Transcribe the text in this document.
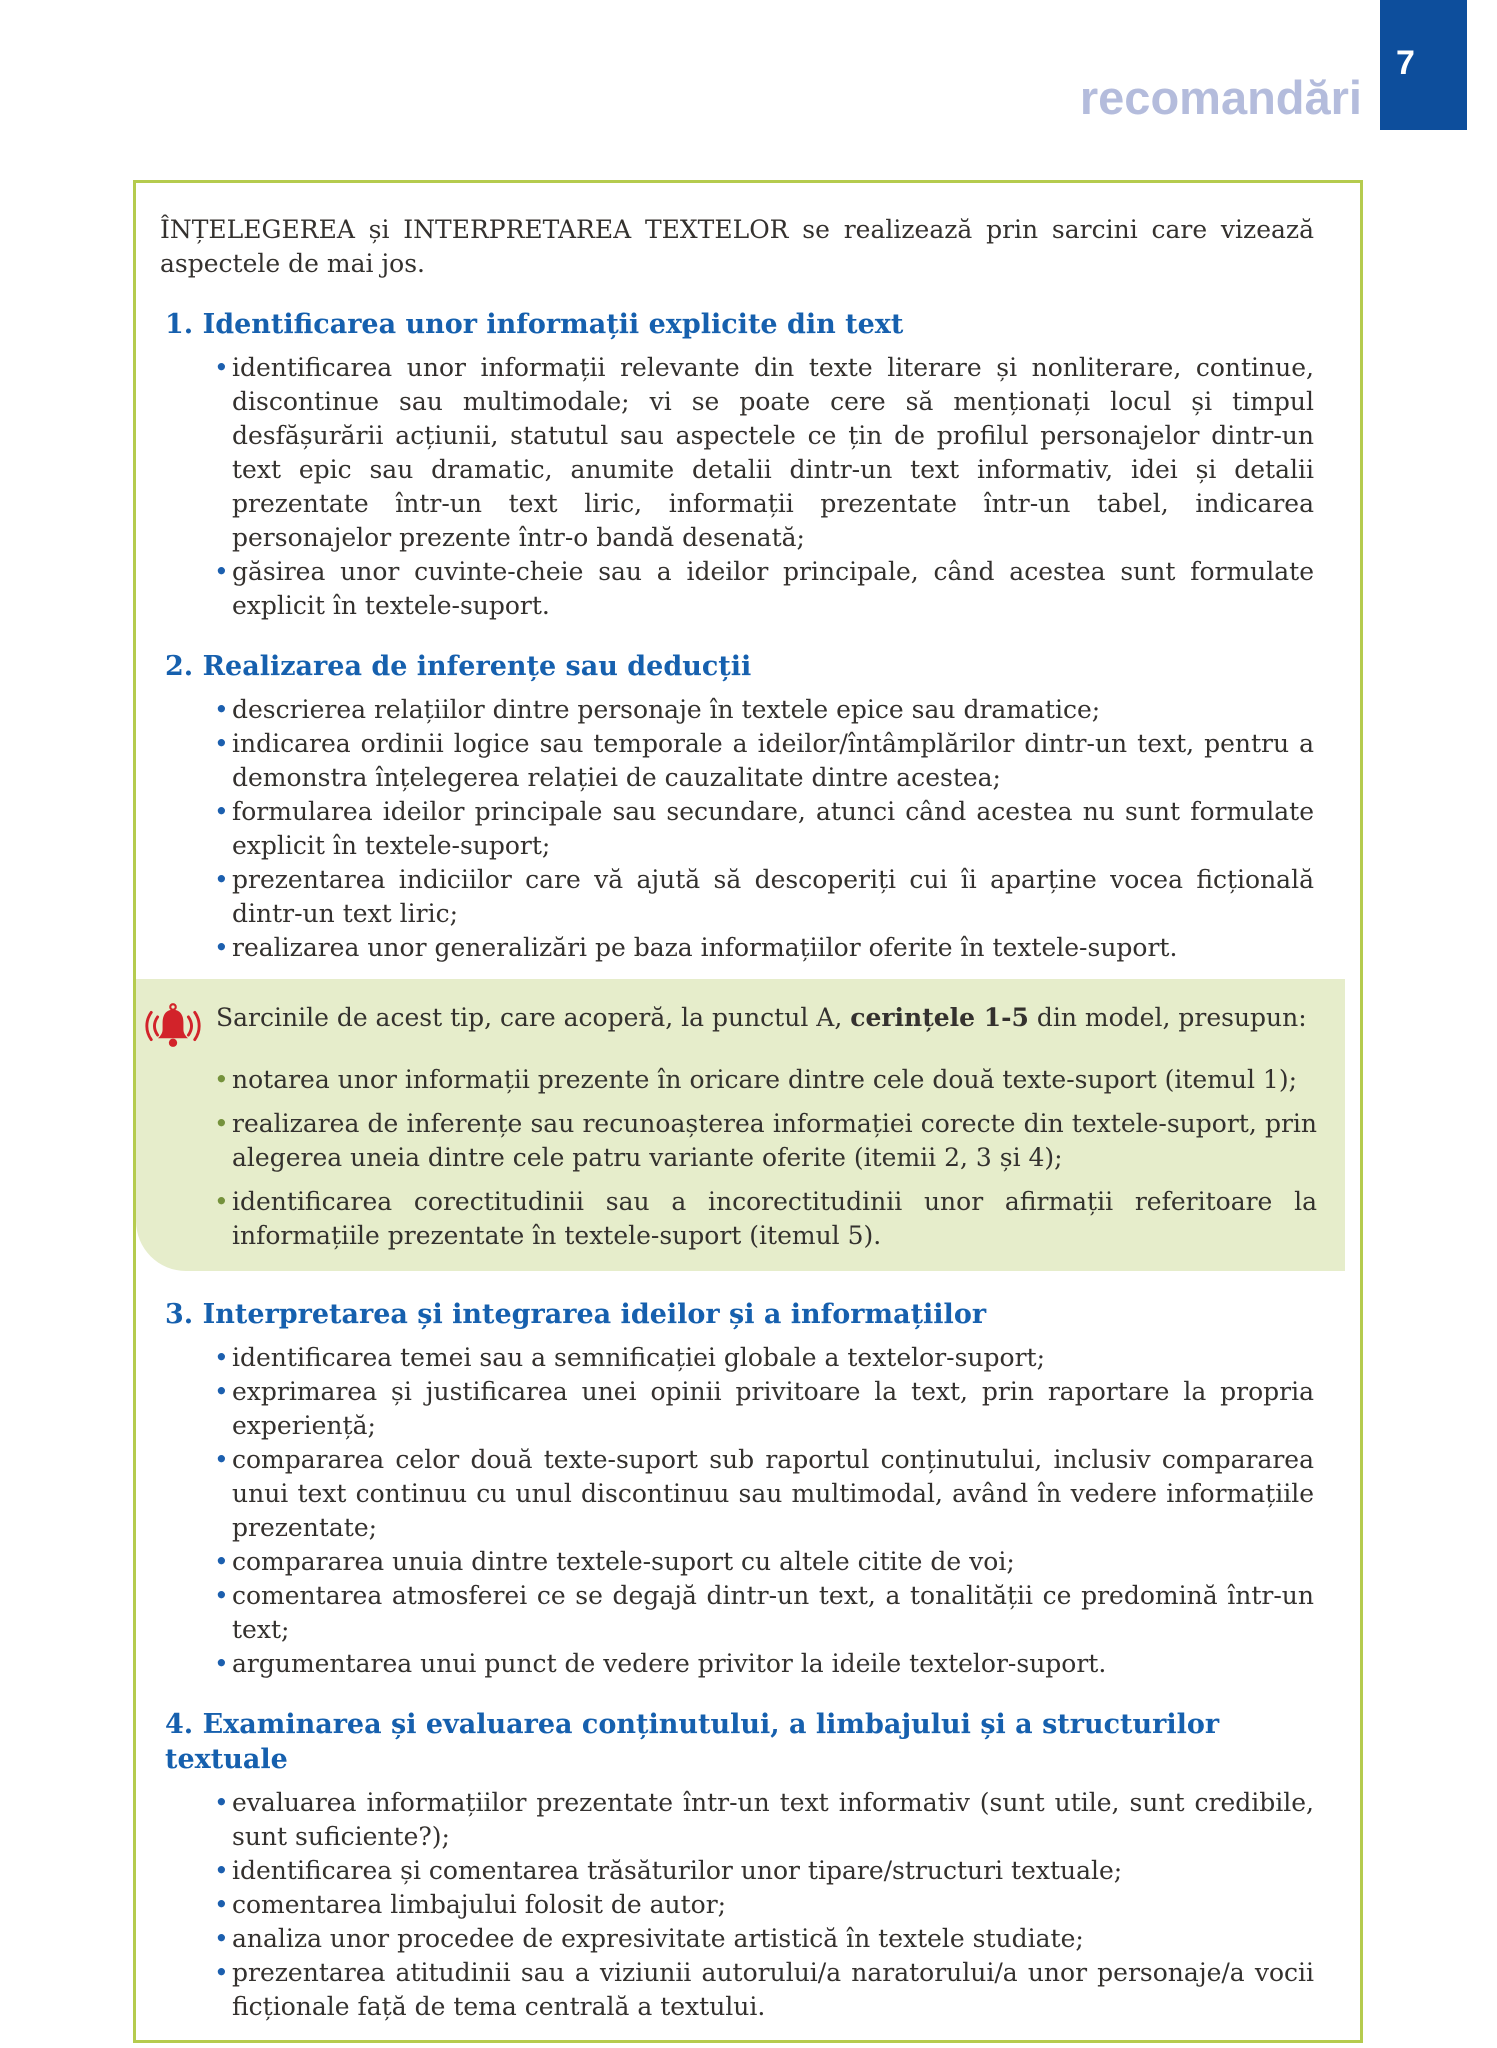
recomandări
7

ÎNȚELEGEREA și INTERPRETAREA TEXTELOR se realizează prin sarcini care vizează aspectele de mai jos.

1. Identificarea unor informații explicite din text
• identificarea unor informații relevante din texte literare și nonliterare, continue, discontinue sau multimodale; vi se poate cere să menționați locul și timpul desfășurării acțiunii, statutul sau aspectele ce țin de profilul personajelor dintr-un text epic sau dramatic, anumite detalii dintr-un text informativ, idei și detalii prezentate într-un text liric, informații prezentate într-un tabel, indicarea personajelor prezente într-o bandă desenată;
• găsirea unor cuvinte-cheie sau a ideilor principale, când acestea sunt formulate explicit în textele-suport.
2. Realizarea de inferențe sau deducții
• descrierea relațiilor dintre personaje în textele epice sau dramatice;
• indicarea ordinii logice sau temporale a ideilor/întâmplărilor dintr-un text, pentru a demonstra înțelegerea relației de cauzalitate dintre acestea;
• formularea ideilor principale sau secundare, atunci când acestea nu sunt formulate explicit în textele-suport;
• prezentarea indiciilor care vă ajută să descoperiți cui îi aparține vocea ficțională dintr-un text liric;
• realizarea unor generalizări pe baza informațiilor oferite în textele-suport.

Sarcinile de acest tip, care acoperă, la punctul A, cerințele 1-5 din model, presupun:

• notarea unor informații prezente în oricare dintre cele două texte-suport (itemul 1);
• realizarea de inferențe sau recunoașterea informației corecte din textele-suport, prin alegerea uneia dintre cele patru variante oferite (itemii 2, 3 și 4);
• identificarea corectitudinii sau a incorectitudinii unor afirmații referitoare la informațiile prezentate în textele-suport (itemul 5).
3. Interpretarea și integrarea ideilor și a informațiilor
• identificarea temei sau a semnificației globale a textelor-suport;
• exprimarea și justificarea unei opinii privitoare la text, prin raportare la propria experiență;
• compararea celor două texte-suport sub raportul conținutului, inclusiv compararea unui text continuu cu unul discontinuu sau multimodal, având în vedere informațiile prezentate;
• compararea unuia dintre textele-suport cu altele citite de voi;
• comentarea atmosferei ce se degajă dintr-un text, a tonalității ce predomină într-un text;
• argumentarea unui punct de vedere privitor la ideile textelor-suport.
4. Examinarea și evaluarea conținutului, a limbajului și a structurilor textuale
• evaluarea informațiilor prezentate într-un text informativ (sunt utile, sunt credibile, sunt suficiente?);
• identificarea și comentarea trăsăturilor unor tipare/structuri textuale;
• comentarea limbajului folosit de autor;
• analiza unor procedee de expresivitate artistică în textele studiate;
• prezentarea atitudinii sau a viziunii autorului/a naratorului/a unor personaje/a vocii ficționale față de tema centrală a textului.
